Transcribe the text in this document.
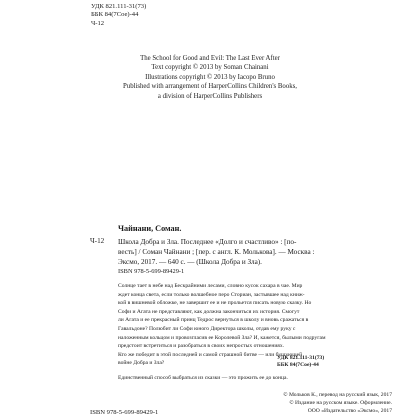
УДК 821.111-31(73)
ББК 84(7Сое)-44
Ч-12
The School for Good and Evil: The Last Ever After
Text copyright © 2013 by Soman Chainani
Illustrations copyright © 2013 by Iacopo Bruno
Published with arrangement of HarperCollins Children's Books,
a division of HarperCollins Publishers
Чайнани, Соман.
Ч-12 Школа Добра и Зла. Последнее «Долго и счастливо» : [по-
весть] / Соман Чайнани ; [пер. с англ. К. Молькова]. — Москва :
Эксмо, 2017. — 640 с. — (Школа Добра и Зла).
ISBN 978-5-699-89429-1
Солнце тает в небе над Бескрайними лесами, словно кусок сахара в чае. Мир
ждет конца света, если только волшебное перо Сториан, застывшее над книж-
кой в вишневой обложке, не завершит ее и не прольется писать новую сказку. Но
Софи и Агата не представляют, как должна закончиться их история. Смогут
ли Агата и ее прекрасный принц Тедрос вернуться в школу и вновь сражаться в
Гавальдоне? Полюбит ли Софи юного Директора школы, отдав ему руку с
наложенным кольцом и провозгласив ее Королевой Зла? И, кажется, былыми подругам
предстоит встретиться и разобраться в своих непростых отношениях.
Кто же победит в этой последней и самой страшной битве — или бушующей
войне Добра и Зла?
Единственный способ выбраться из сказки — это прожить ее до конца.
УДК 821.111-31(73)
ББК 84(7Сое)-44
ISBN 978-5-699-89429-1
© Мольков К., перевод на русский язык, 2017
© Издание на русском языке. Оформление.
ООО «Издательство «Эксмо», 2017
